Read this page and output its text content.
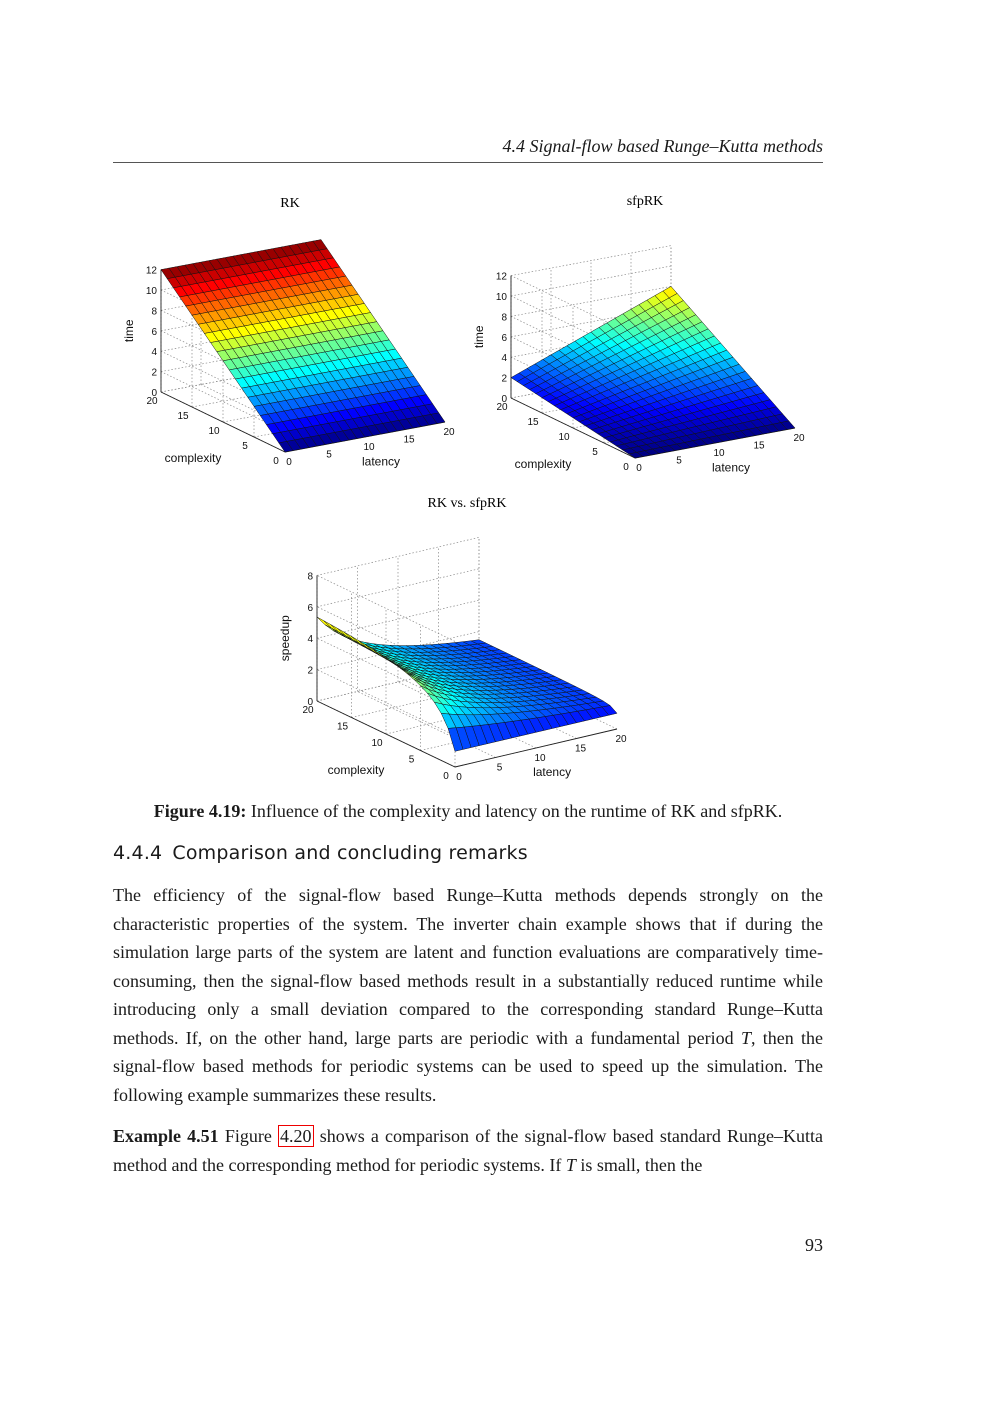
4.4 Signal-flow based Runge–Kutta methods
RK
0
5
10
15
20
0
5
10
15
20
0
2
4
6
8
10
12
latency
complexity
time
sfpRK
0
5
10
15
20
0
5
10
15
20
0
2
4
6
8
10
12
latency
complexity
time
RK vs. sfpRK
0
5
10
15
20
0
5
10
15
20
0
2
4
6
8
latency
complexity
speedup
Figure 4.19: Influence of the complexity and latency on the runtime of RK and sfpRK.
4.4.4 Comparison and concluding remarks
The efficiency of the signal-flow based Runge–Kutta methods depends strongly on the characteristic properties of the system. The inverter chain example shows that if during the simulation large parts of the system are latent and function evaluations are comparatively time-consuming, then the signal-flow based methods result in a substantially reduced runtime while introducing only a small deviation compared to the corresponding standard Runge–Kutta methods. If, on the other hand, large parts are periodic with a fundamental period T, then the signal-flow based methods for periodic systems can be used to speed up the simulation. The following example summarizes these results.
Example 4.51 Figure 4.20 shows a comparison of the signal-flow based standard Runge–Kutta method and the corresponding method for periodic systems. If T is small, then the
93
